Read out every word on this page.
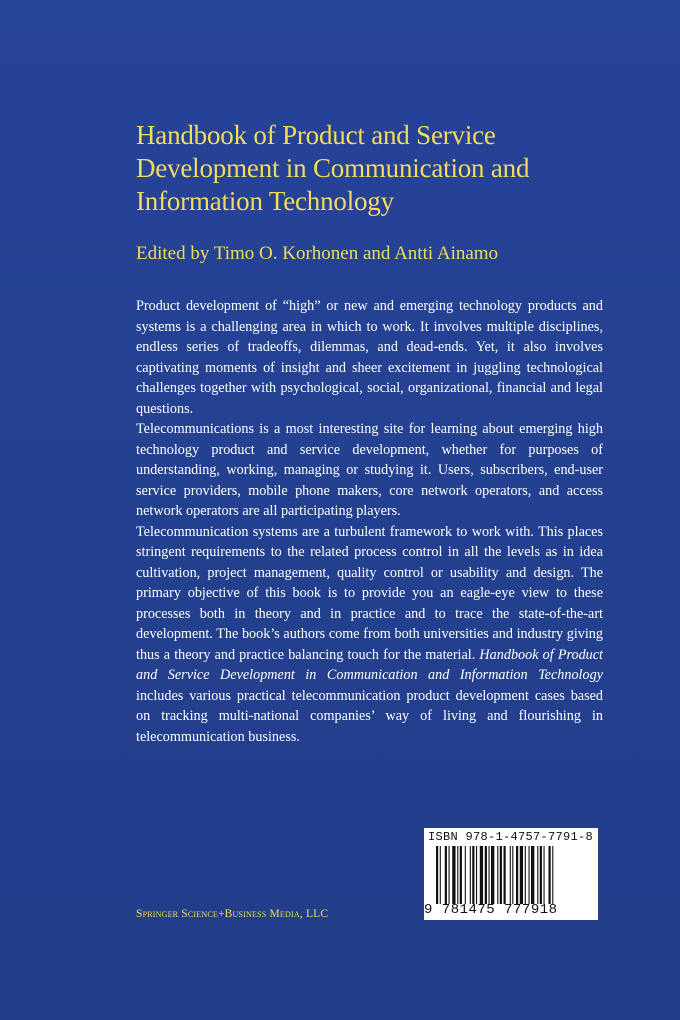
Handbook of Product and Service
Development in Communication and
Information Technology

Edited by Timo O. Korhonen and Antti Ainamo

Product development of “high” or new and emerging technology products and systems is a challenging area in which to work. It involves multiple disciplines, endless series of tradeoffs, dilemmas, and dead-ends. Yet, it also involves captivating moments of insight and sheer excitement in juggling technological challenges together with psychological, social, organizational, financial and legal questions.

Telecommunications is a most interesting site for learning about emerging high technology product and service development, whether for purposes of understanding, working, managing or studying it. Users, subscribers, end-user service providers, mobile phone makers, core network operators, and access network operators are all participating players.

Telecommunication systems are a turbulent framework to work with. This places stringent requirements to the related process control in all the levels as in idea cultivation, project management, quality control or usability and design. The primary objective of this book is to provide you an eagle-eye view to these processes both in theory and in practice and to trace the state-of-the-art development. The book’s authors come from both universities and industry giving thus a theory and practice balancing touch for the material. Handbook of Product and Service Development in Communication and Information Technology includes various practical telecommunication product development cases based on tracking multi-national companies’ way of living and flourishing in telecommunication business.

Springer Science+Business Media, LLC
ISBN 978-1-4757-7791-8
9 781475 777918
